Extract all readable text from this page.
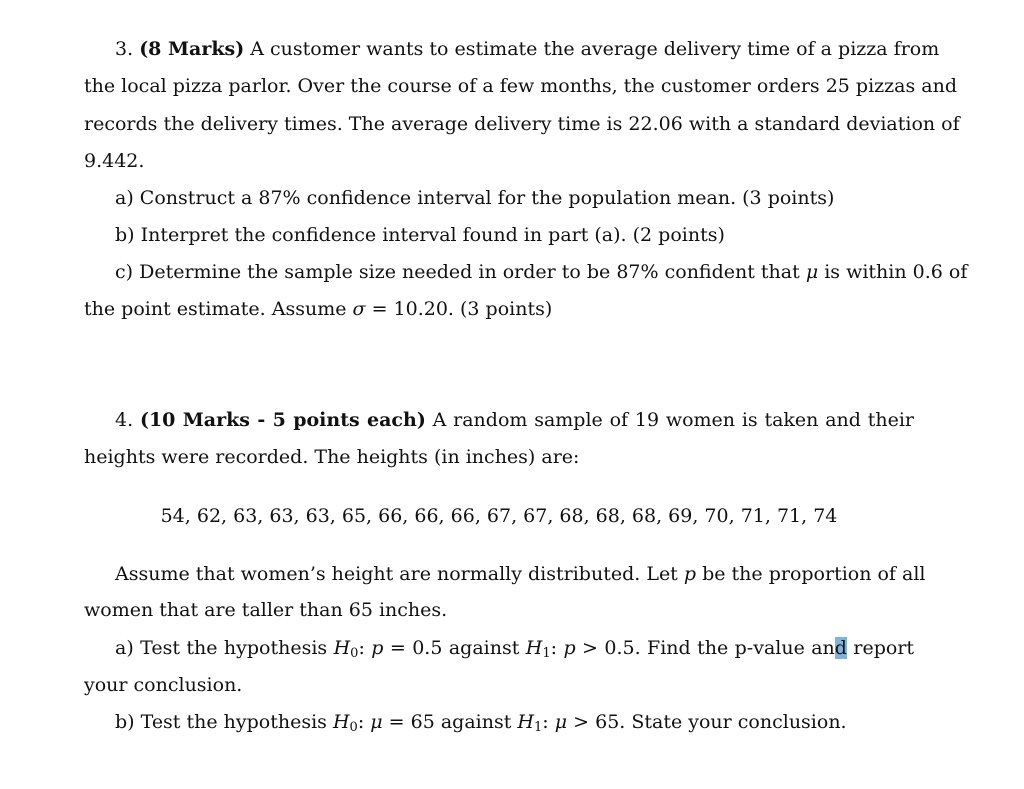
3. (8 Marks) A customer wants to estimate the average delivery time of a pizza from
the local pizza parlor. Over the course of a few months, the customer orders 25 pizzas and
records the delivery times. The average delivery time is 22.06 with a standard deviation of
9.442.
a) Construct a 87% confidence interval for the population mean. (3 points)
b) Interpret the confidence interval found in part (a). (2 points)
c) Determine the sample size needed in order to be 87% confident that μ is within 0.6 of
the point estimate. Assume σ = 10.20. (3 points)
4. (10 Marks - 5 points each) A random sample of 19 women is taken and their
heights were recorded. The heights (in inches) are:
54, 62, 63, 63, 63, 65, 66, 66, 66, 67, 67, 68, 68, 68, 69, 70, 71, 71, 74
Assume that women’s height are normally distributed. Let p be the proportion of all
women that are taller than 65 inches.
a) Test the hypothesis $H_0$: p = 0.5 against $H_1$: p > 0.5. Find the p-value and report
your conclusion.
b) Test the hypothesis $H_0$: μ = 65 against $H_1$: μ > 65. State your conclusion.
